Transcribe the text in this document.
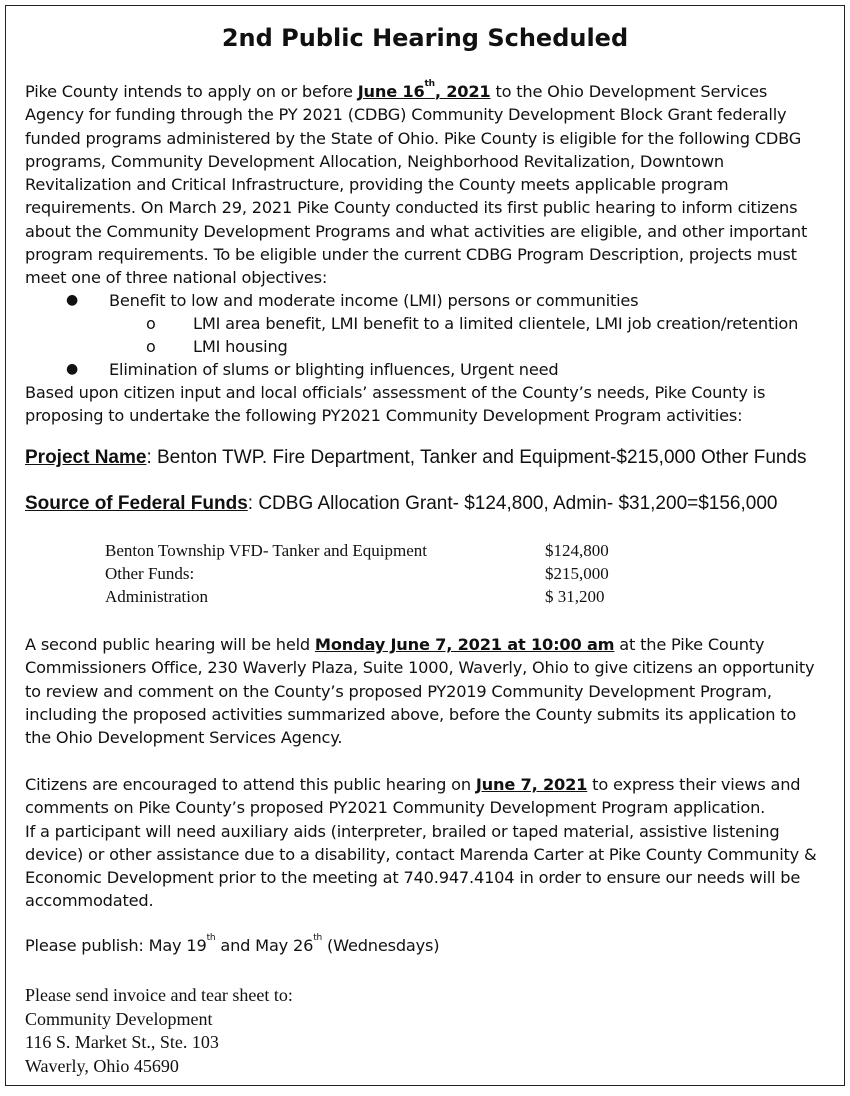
2nd Public Hearing Scheduled
Pike County intends to apply on or before June 16th, 2021 to the Ohio Development Services Agency for funding through the PY 2021 (CDBG) Community Development Block Grant federally funded programs administered by the State of Ohio. Pike County is eligible for the following CDBG programs, Community Development Allocation, Neighborhood Revitalization, Downtown Revitalization and Critical Infrastructure, providing the County meets applicable program requirements. On March 29, 2021 Pike County conducted its first public hearing to inform citizens about the Community Development Programs and what activities are eligible, and other important program requirements. To be eligible under the current CDBG Program Description, projects must meet one of three national objectives:
● Benefit to low and moderate income (LMI) persons or communities
o LMI area benefit, LMI benefit to a limited clientele, LMI job creation/retention
o LMI housing
● Elimination of slums or blighting influences, Urgent need
Based upon citizen input and local officials’ assessment of the County’s needs, Pike County is proposing to undertake the following PY2021 Community Development Program activities:
Project Name: Benton TWP. Fire Department, Tanker and Equipment-$215,000 Other Funds
Source of Federal Funds: CDBG Allocation Grant- $124,800, Admin- $31,200=$156,000
Benton Township VFD- Tanker and Equipment	$124,800
Other Funds:	$215,000
Administration	$ 31,200
A second public hearing will be held Monday June 7, 2021 at 10:00 am at the Pike County Commissioners Office, 230 Waverly Plaza, Suite 1000, Waverly, Ohio to give citizens an opportunity to review and comment on the County’s proposed PY2019 Community Development Program, including the proposed activities summarized above, before the County submits its application to the Ohio Development Services Agency.
Citizens are encouraged to attend this public hearing on June 7, 2021 to express their views and comments on Pike County’s proposed PY2021 Community Development Program application.
If a participant will need auxiliary aids (interpreter, brailed or taped material, assistive listening device) or other assistance due to a disability, contact Marenda Carter at Pike County Community & Economic Development prior to the meeting at 740.947.4104 in order to ensure our needs will be accommodated.
Please publish: May 19th and May 26th (Wednesdays)
Please send invoice and tear sheet to:
Community Development
116 S. Market St., Ste. 103
Waverly, Ohio 45690
